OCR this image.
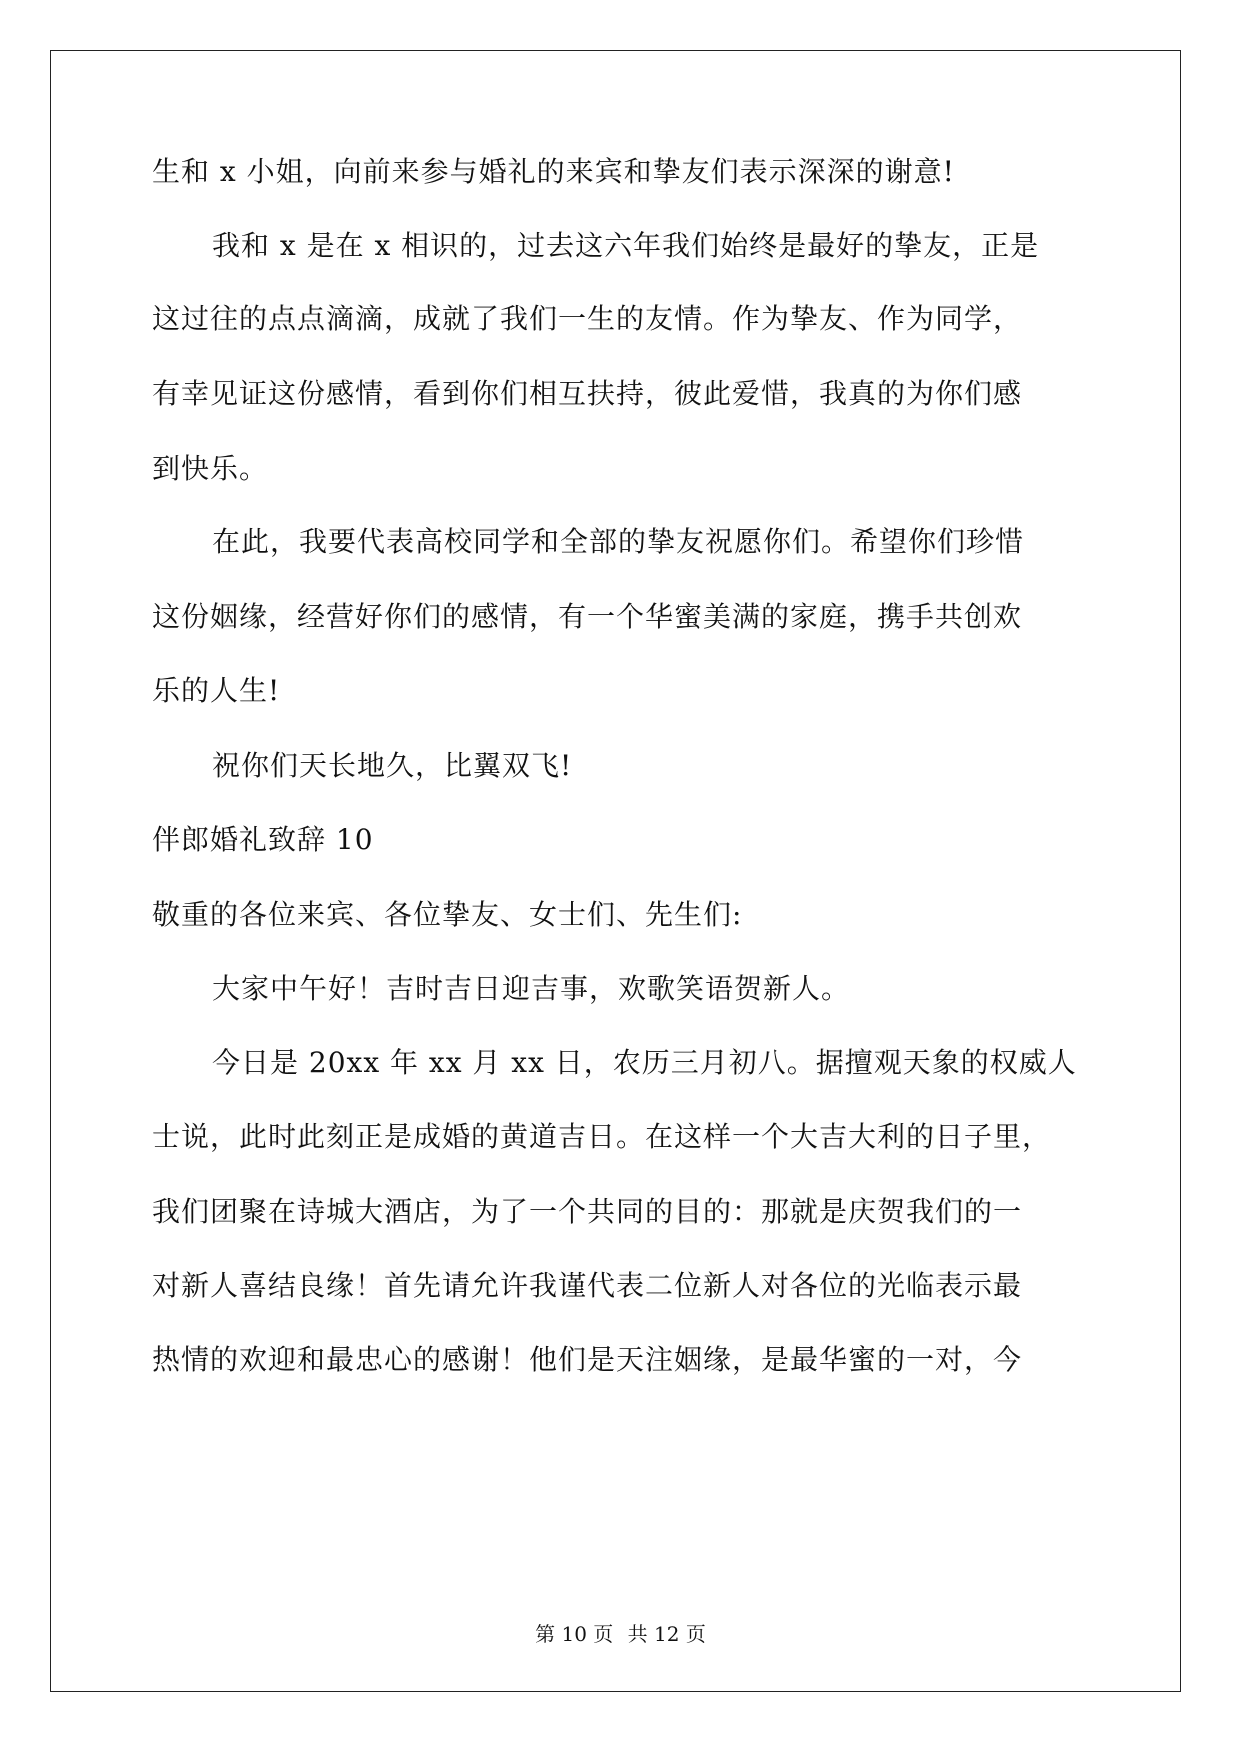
生和 x 小姐，向前来参与婚礼的来宾和挚友们表示深深的谢意!
我和 x 是在 x 相识的，过去这六年我们始终是最好的挚友，正是
这过往的点点滴滴，成就了我们一生的友情。作为挚友、作为同学，
有幸见证这份感情，看到你们相互扶持，彼此爱惜，我真的为你们感
到快乐。
在此，我要代表高校同学和全部的挚友祝愿你们。希望你们珍惜
这份姻缘，经营好你们的感情，有一个华蜜美满的家庭，携手共创欢
乐的人生!
祝你们天长地久，比翼双飞!
伴郎婚礼致辞 10
敬重的各位来宾、各位挚友、女士们、先生们:
大家中午好！吉时吉日迎吉事，欢歌笑语贺新人。
今日是 20xx 年 xx 月 xx 日，农历三月初八。据擅观天象的权威人
士说，此时此刻正是成婚的黄道吉日。在这样一个大吉大利的日子里，
我们团聚在诗城大酒店，为了一个共同的目的：那就是庆贺我们的一
对新人喜结良缘！首先请允许我谨代表二位新人对各位的光临表示最
热情的欢迎和最忠心的感谢！他们是天注姻缘，是最华蜜的一对，今
第 10 页 共 12 页
